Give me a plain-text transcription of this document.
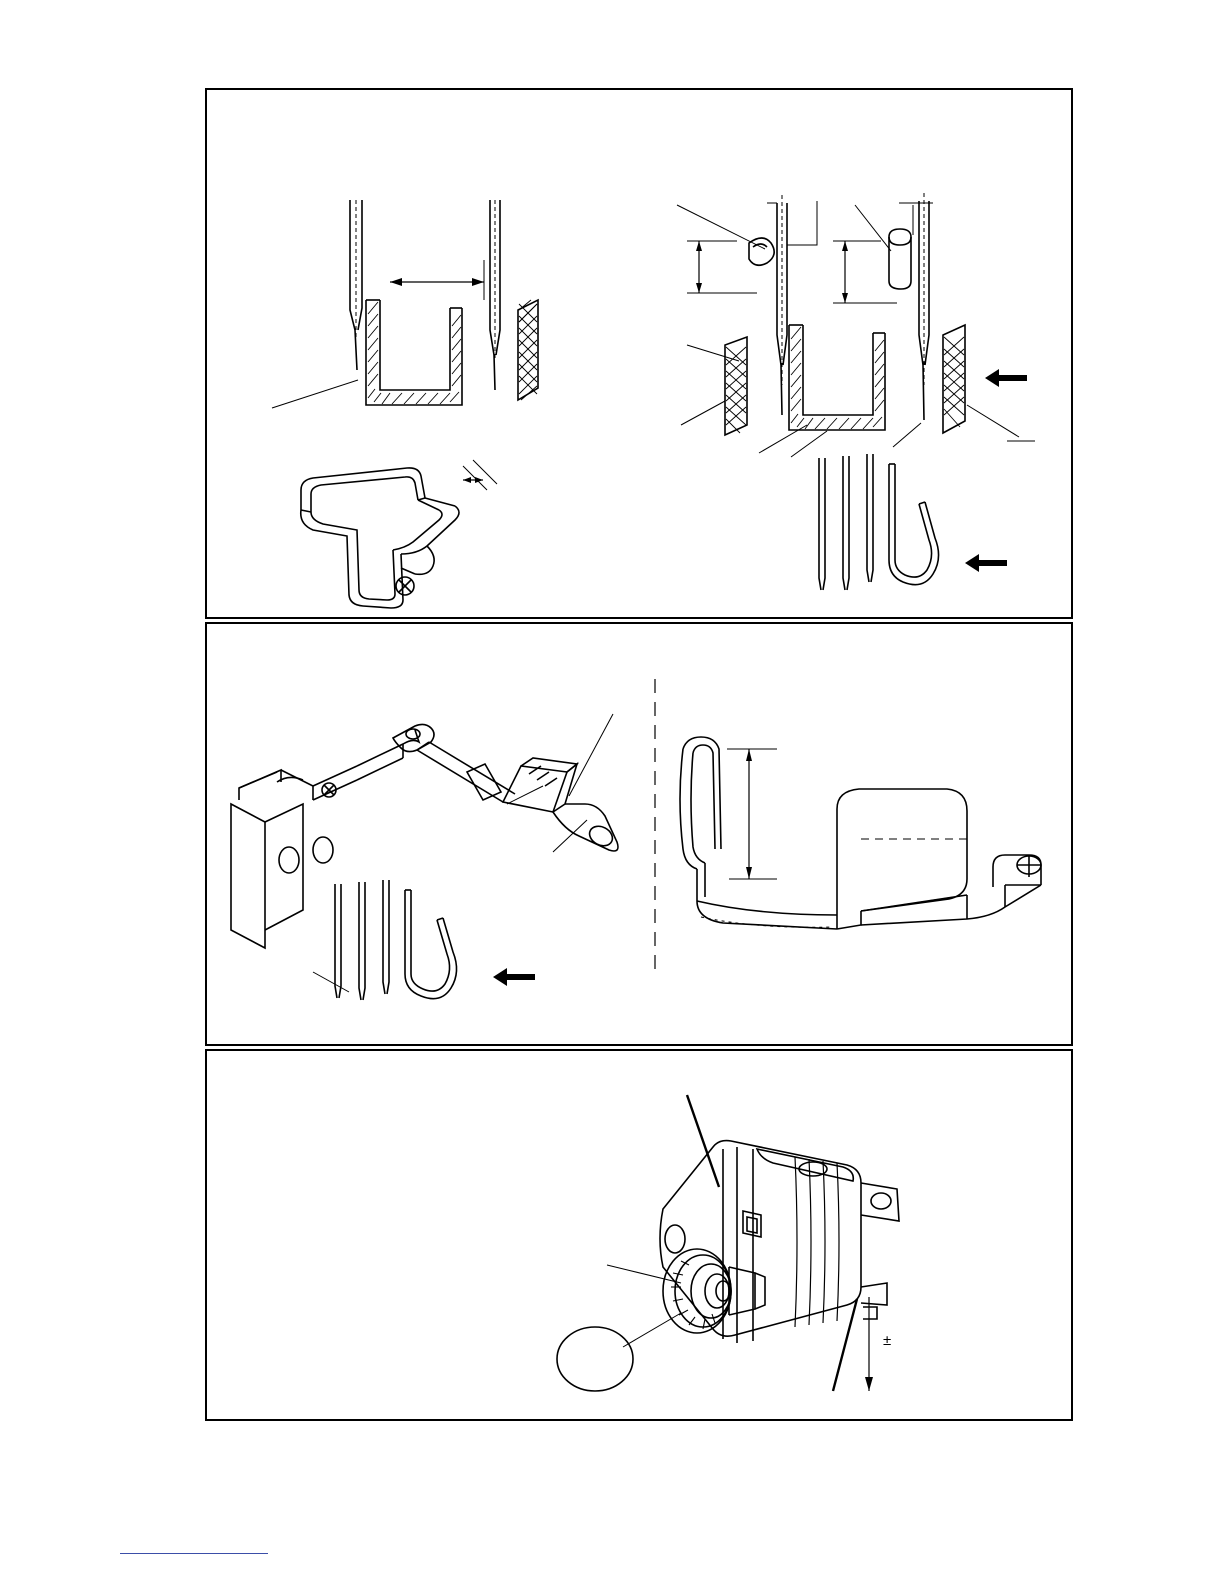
±
